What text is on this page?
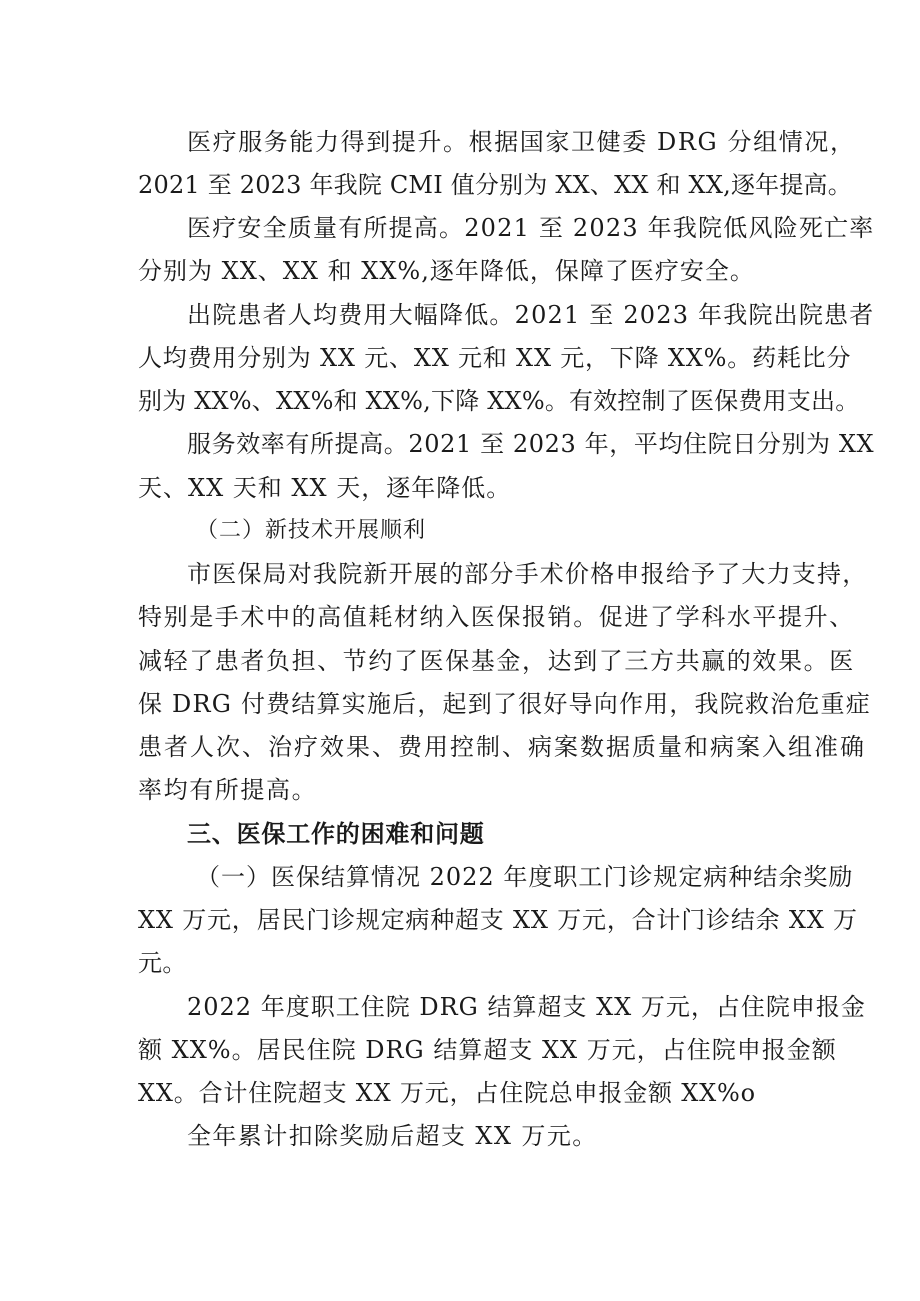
医疗服务能力得到提升。根据国家卫健委 DRG 分组情况，
2021 至 2023 年我院 CMI 值分别为 XX、XX 和 XX,逐年提高。
医疗安全质量有所提高。2021 至 2023 年我院低风险死亡率
分别为 XX、XX 和 XX%,逐年降低，保障了医疗安全。
出院患者人均费用大幅降低。2021 至 2023 年我院出院患者
人均费用分别为 XX 元、XX 元和 XX 元，下降 XX%。药耗比分
别为 XX%、XX%和 XX%,下降 XX%。有效控制了医保费用支出。
服务效率有所提高。2021 至 2023 年，平均住院日分别为 XX
天、XX 天和 XX 天，逐年降低。
（二）新技术开展顺利
市医保局对我院新开展的部分手术价格申报给予了大力支持，
特别是手术中的高值耗材纳入医保报销。促进了学科水平提升、
减轻了患者负担、节约了医保基金，达到了三方共赢的效果。医
保 DRG 付费结算实施后，起到了很好导向作用，我院救治危重症
患者人次、治疗效果、费用控制、病案数据质量和病案入组准确
率均有所提高。
三、医保工作的困难和问题
（一）医保结算情况 2022 年度职工门诊规定病种结余奖励
XX 万元，居民门诊规定病种超支 XX 万元，合计门诊结余 XX 万
元。
2022 年度职工住院 DRG 结算超支 XX 万元，占住院申报金
额 XX%。居民住院 DRG 结算超支 XX 万元，占住院申报金额
XX。合计住院超支 XX 万元，占住院总申报金额 XX%o
全年累计扣除奖励后超支 XX 万元。
